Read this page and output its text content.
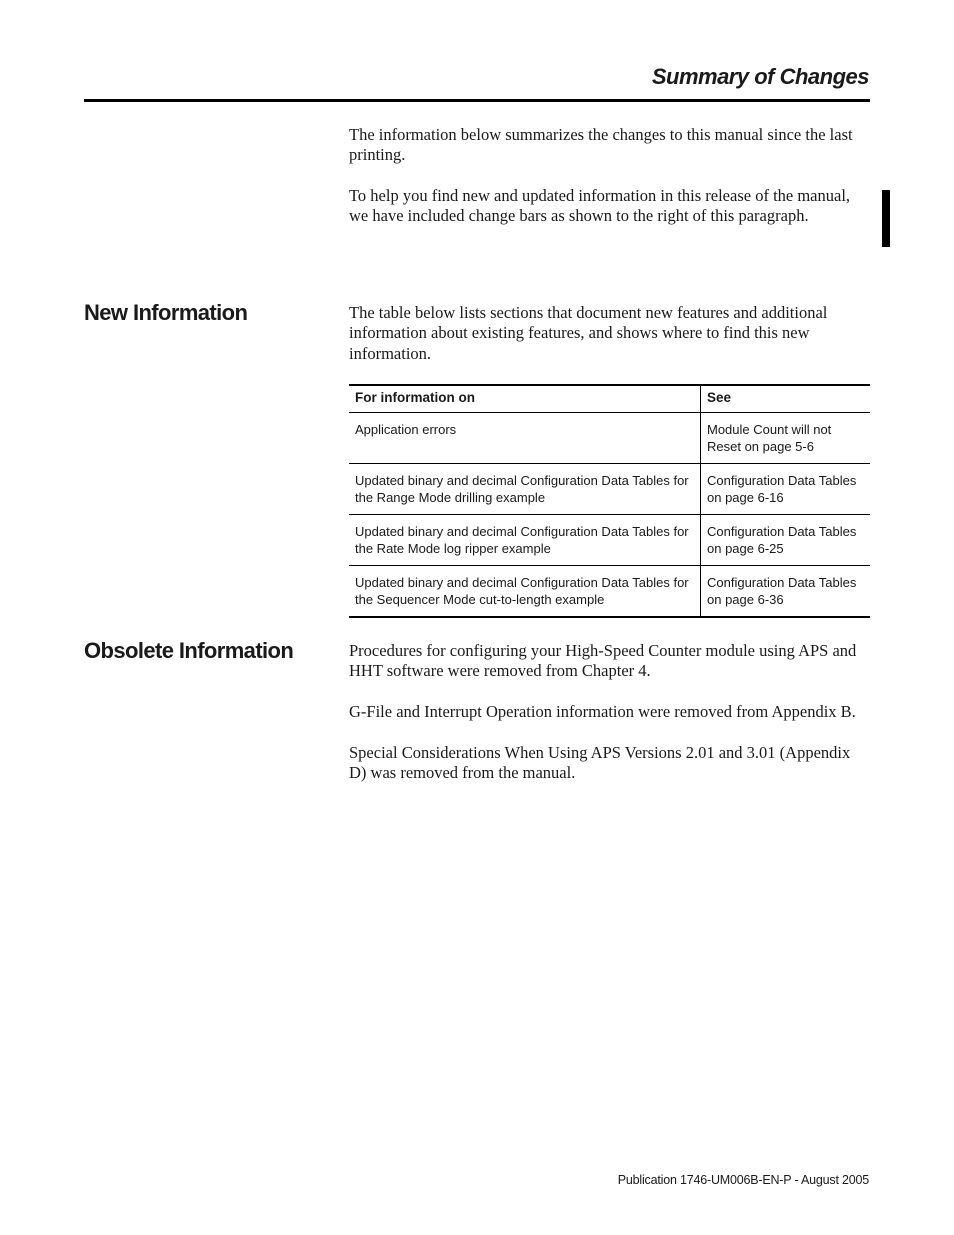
Summary of Changes

The information below summarizes the changes to this manual since the last printing.

To help you find new and updated information in this release of the manual, we have included change bars as shown to the right of this paragraph.

New Information	The table below lists sections that document new features and additional information about existing features, and shows where to find this new information.

For information on	See
Application errors	Module Count will not Reset on page 5-6
Updated binary and decimal Configuration Data Tables for the Range Mode drilling example	Configuration Data Tables on page 6-16
Updated binary and decimal Configuration Data Tables for the Rate Mode log ripper example	Configuration Data Tables on page 6-25
Updated binary and decimal Configuration Data Tables for the Sequencer Mode cut-to-length example	Configuration Data Tables on page 6-36
Obsolete Information	Procedures for configuring your High-Speed Counter module using APS and HHT software were removed from Chapter 4.

G-File and Interrupt Operation information were removed from Appendix B.

Special Considerations When Using APS Versions 2.01 and 3.01 (Appendix D) was removed from the manual.

Publication 1746-UM006B-EN-P - August 2005
